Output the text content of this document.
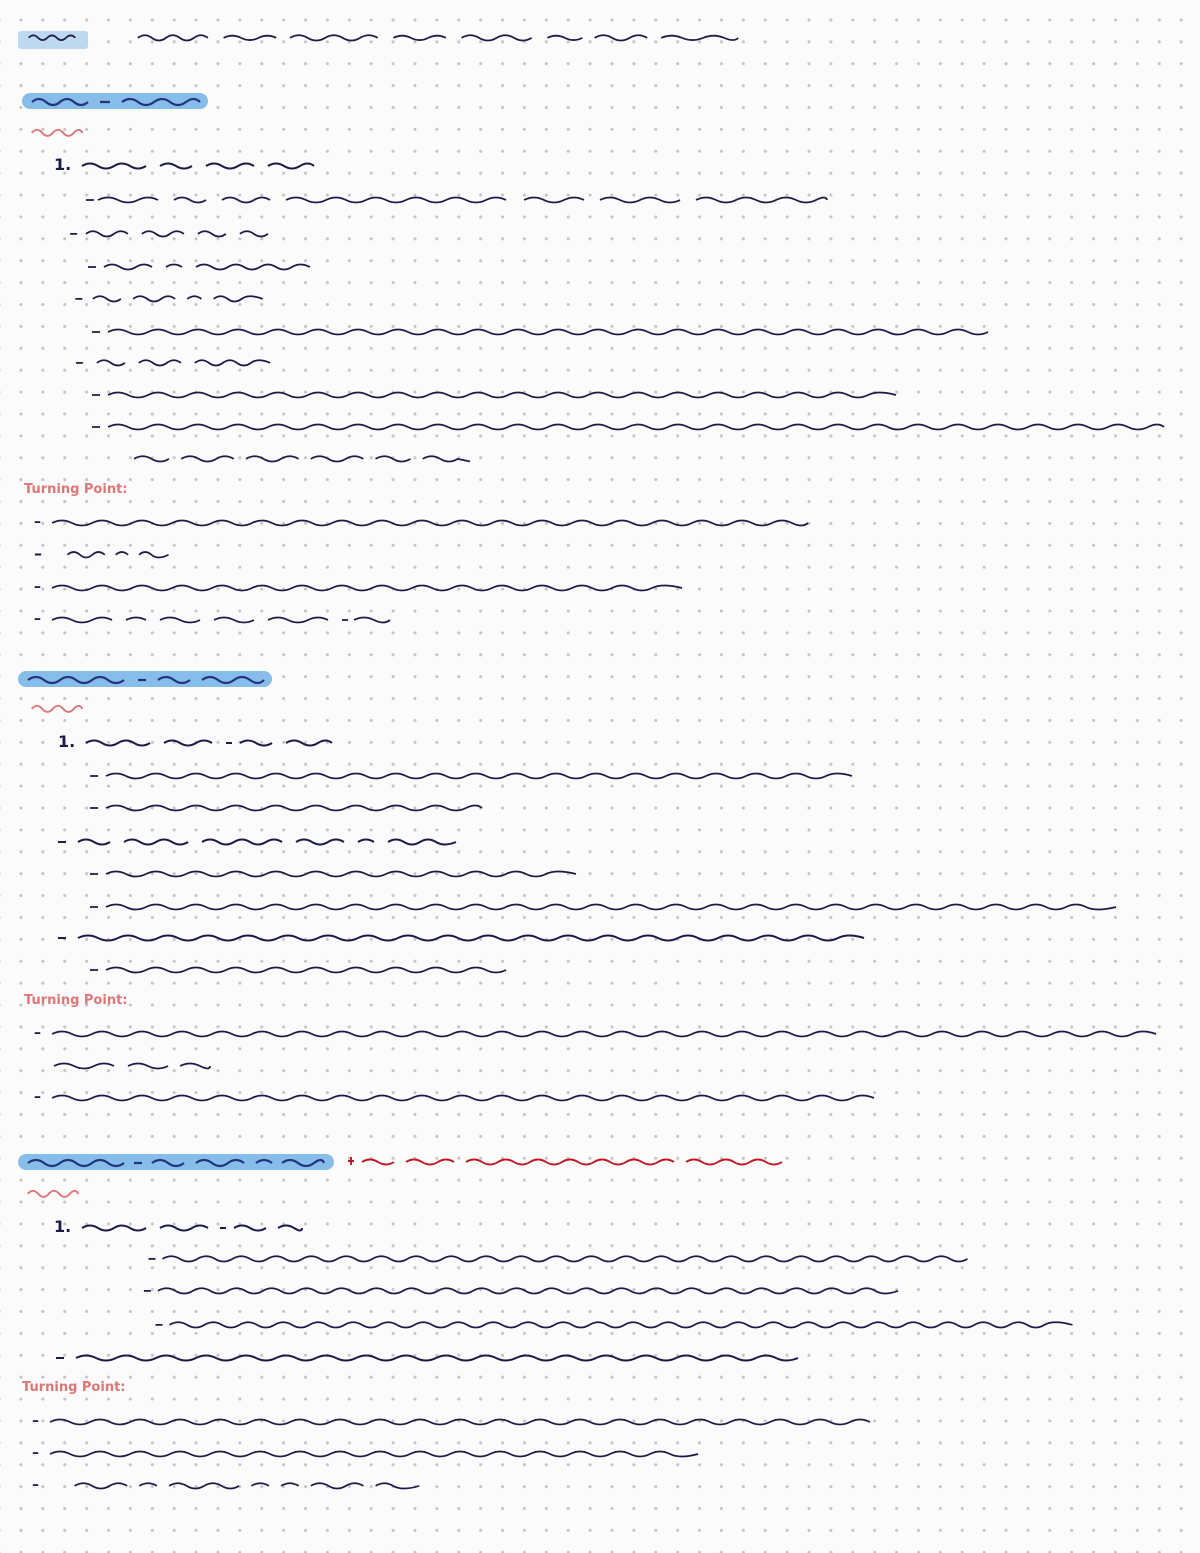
1.
Turning Point:
–
–
–
–
1.
Turning Point:
–
–
1.
Turning Point:
–
–
–
